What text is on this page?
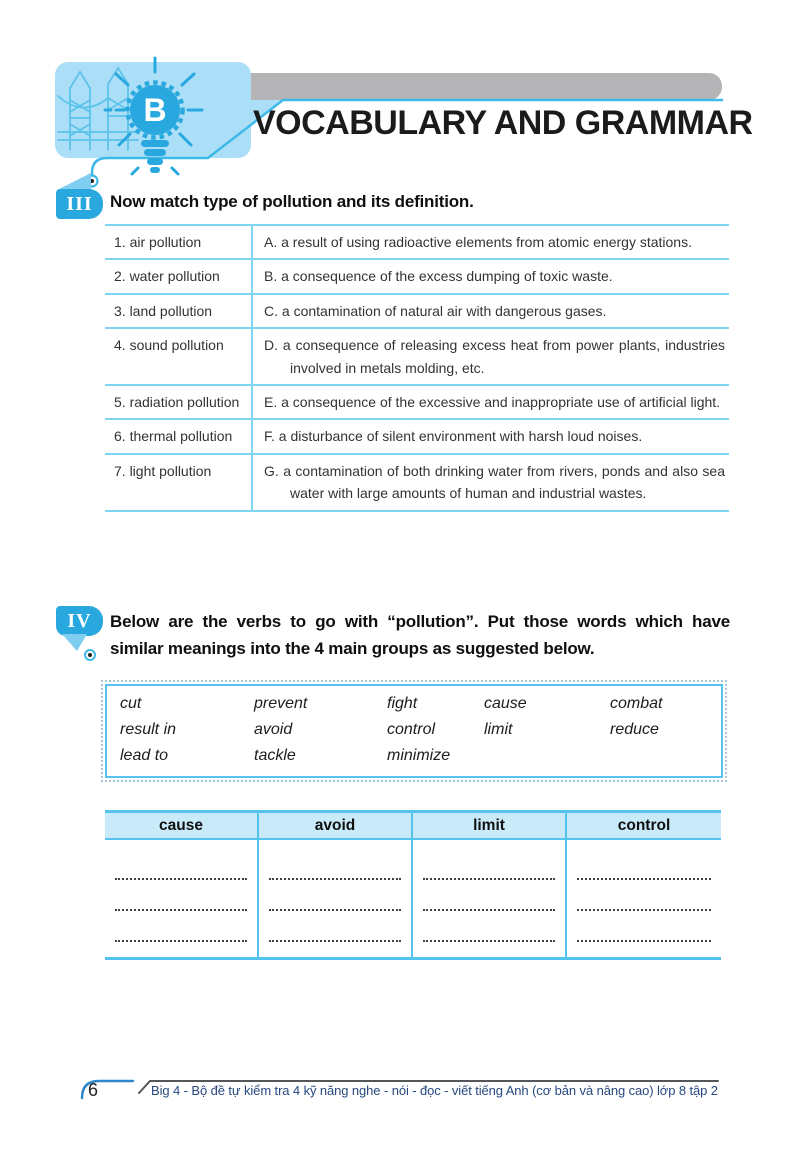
B	VOCABULARY AND GRAMMAR
III	Now match type of pollution and its definition.
1. air pollution	A. a result of using radioactive elements from atomic energy stations.
2. water pollution	B. a consequence of the excess dumping of toxic waste.
3. land pollution	C. a contamination of natural air with dangerous gases.
4. sound pollution	D. a consequence of releasing excess heat from power plants, industries involved in metals molding, etc.
5. radiation pollution	E. a consequence of the excessive and inappropriate use of artificial light.
6. thermal pollution	F. a disturbance of silent environment with harsh loud noises.
7. light pollution	G. a contamination of both drinking water from rivers, ponds and also sea water with large amounts of human and industrial wastes.
IV	Below are the verbs to go with “pollution”. Put those words which have similar meanings into the 4 main groups as suggested below.
cut	prevent	fight	cause	combat
result in	avoid	control	limit	reduce
lead to	tackle	minimize
cause	avoid	limit	control
6	Big 4 - Bộ đề tự kiểm tra 4 kỹ năng nghe - nói - đọc - viết tiếng Anh (cơ bản và nâng cao) lớp 8 tập 2
